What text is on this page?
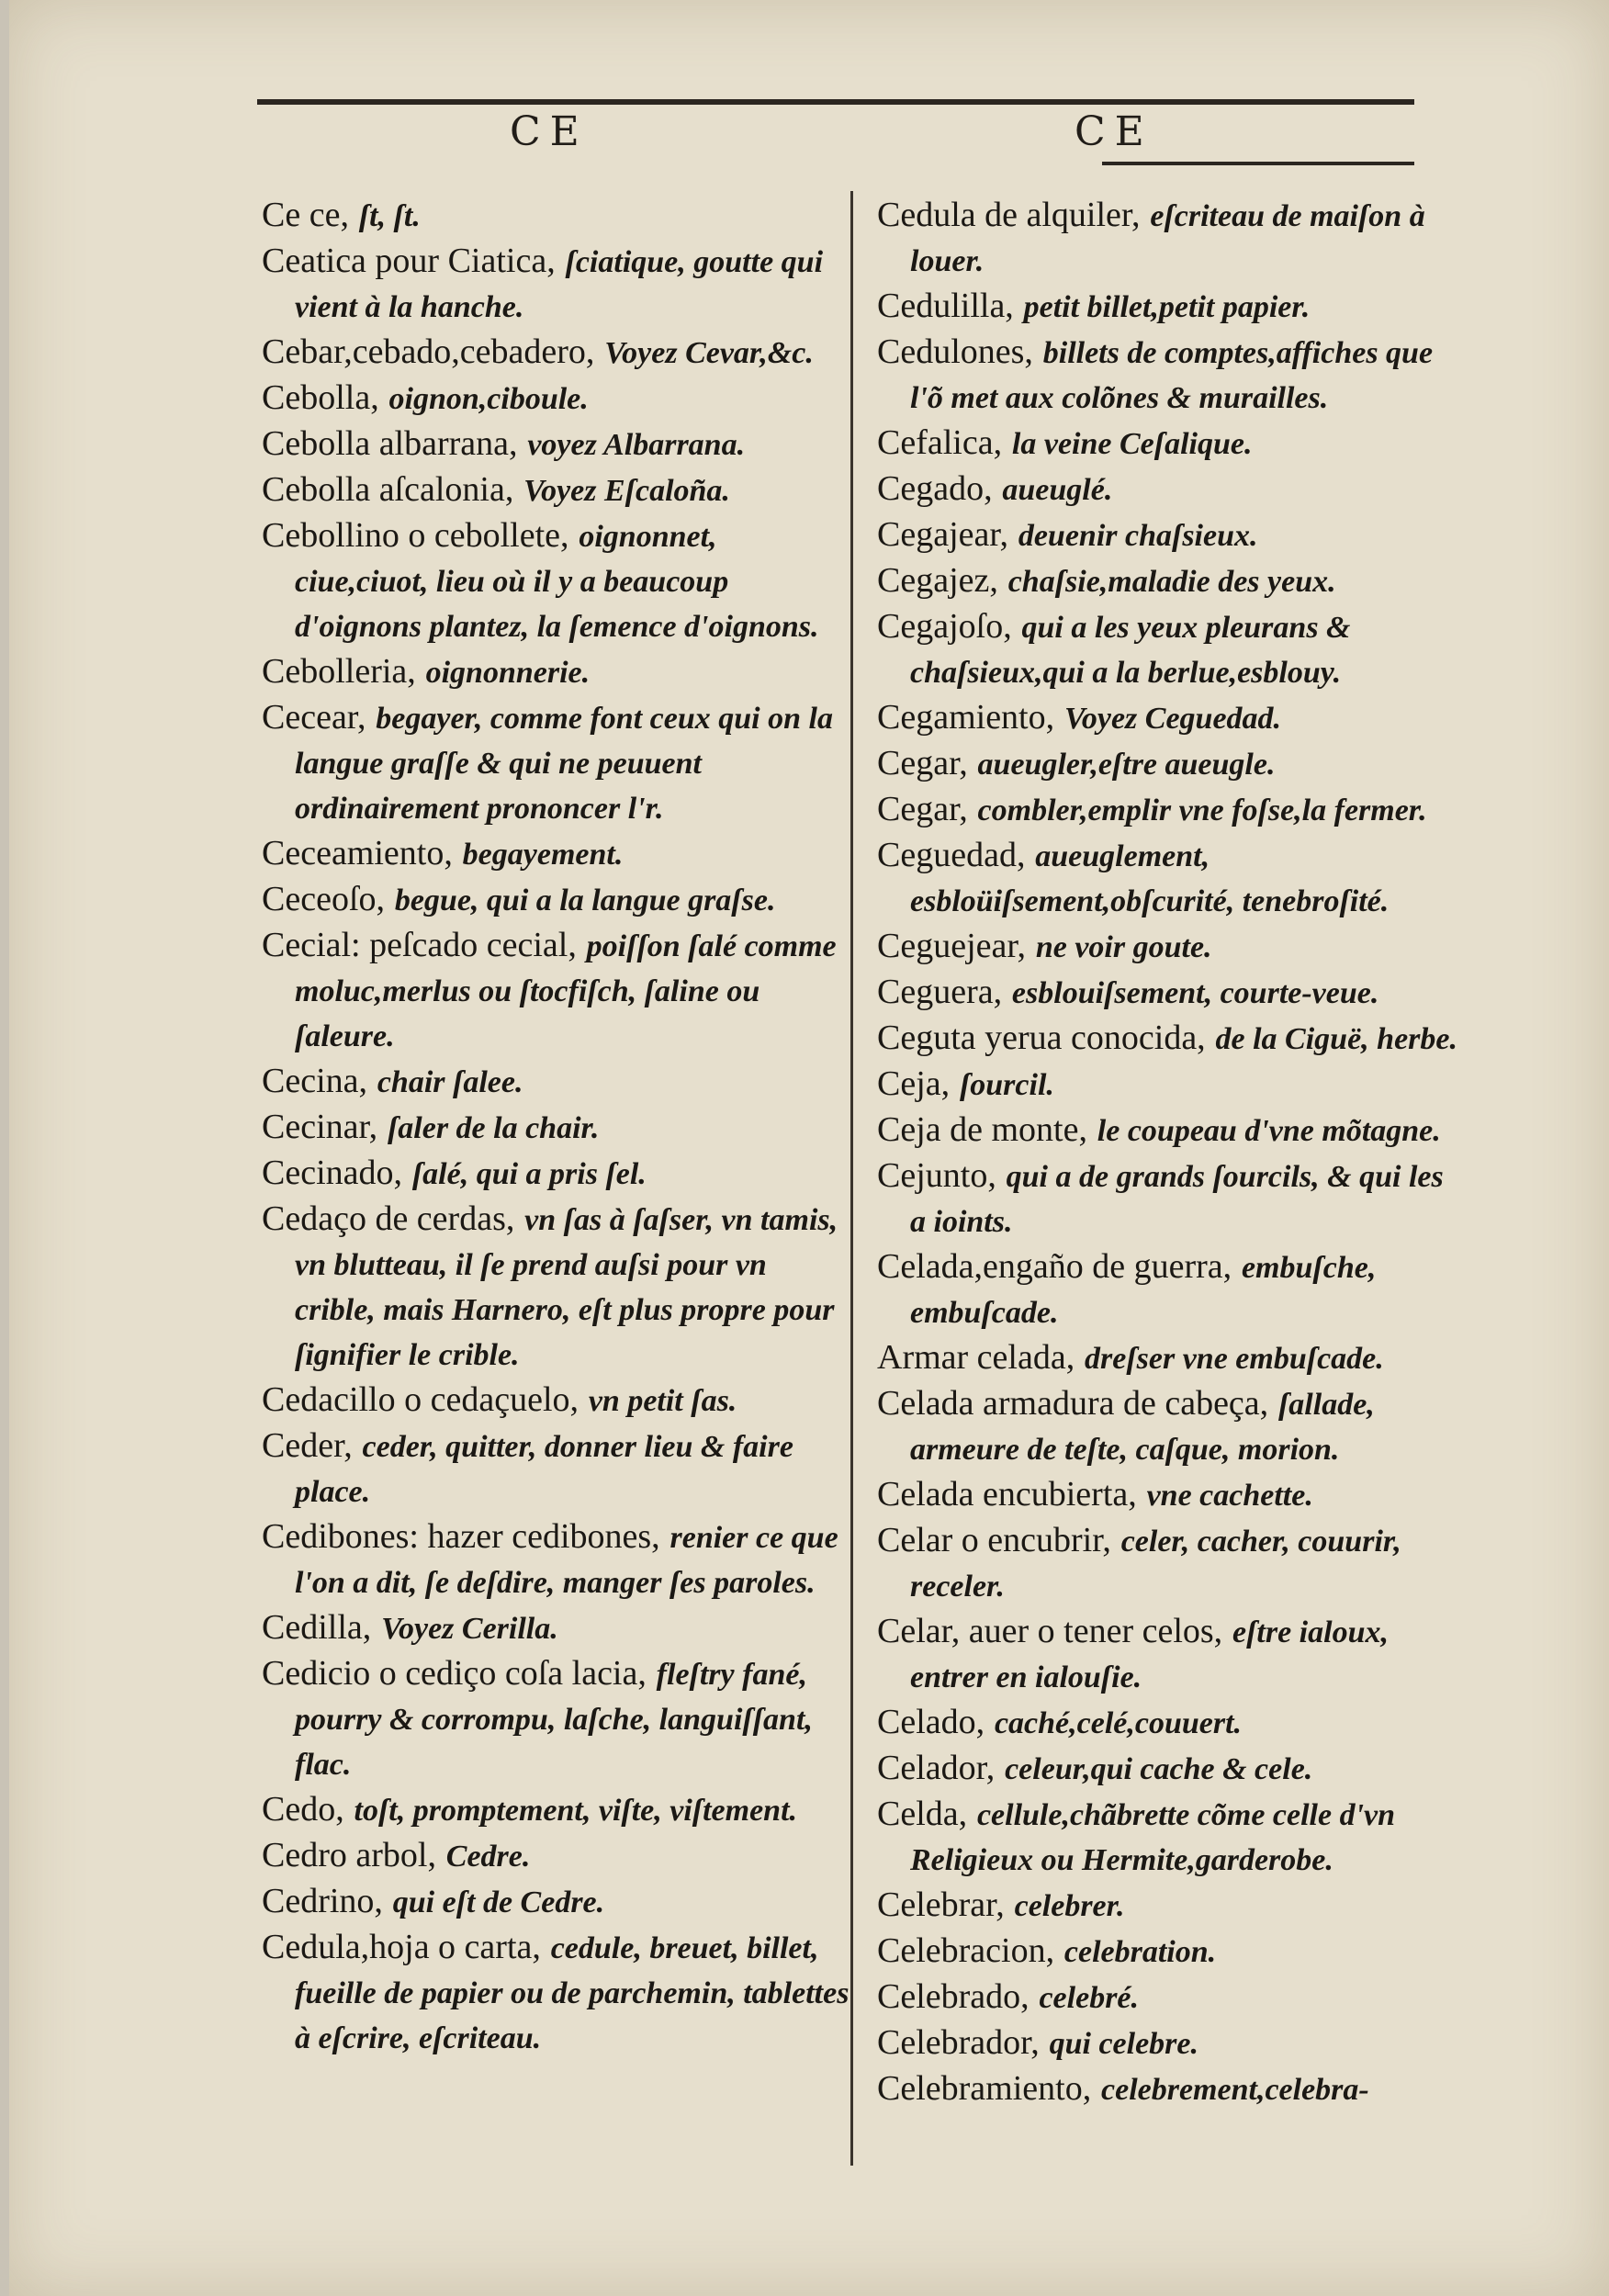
CE	CE
Ce ce, ſt, ſt.
Ceatica pour Ciatica, ſciatique, goutte qui vient à la hanche.
Cebar,cebado,cebadero, Voyez Cevar,&c.
Cebolla, oignon,ciboule.
Cebolla albarrana, voyez Albarrana.
Cebolla aſcalonia, Voyez Eſcaloña.
Cebollino o cebollete, oignonnet, ciue,ciuot, lieu où il y a beaucoup d'oignons plantez, la ſemence d'oignons.
Cebolleria, oignonnerie.
Cecear, begayer, comme font ceux qui on la langue graſſe & qui ne peuuent ordinairement prononcer l'r.
Ceceamiento, begayement.
Ceceoſo, begue, qui a la langue graſse.
Cecial: peſcado cecial, poiſſon ſalé comme moluc,merlus ou ſtocfiſch, ſaline ou ſaleure.
Cecina, chair ſalee.
Cecinar, ſaler de la chair.
Cecinado, ſalé, qui a pris ſel.
Cedaço de cerdas, vn ſas à ſaſser, vn tamis, vn blutteau, il ſe prend auſsi pour vn crible, mais Harnero, eſt plus propre pour ſignifier le crible.
Cedacillo o cedaçuelo, vn petit ſas.
Ceder, ceder, quitter, donner lieu & faire place.
Cedibones: hazer cedibones, renier ce que l'on a dit, ſe deſdire, manger ſes paroles.
Cedilla, Voyez Cerilla.
Cedicio o cediço coſa lacia, fleſtry fané, pourry & corrompu, laſche, languiſſant, flac.
Cedo, toſt, promptement, viſte, viſtement.
Cedro arbol, Cedre.
Cedrino, qui eſt de Cedre.
Cedula,hoja o carta, cedule, breuet, billet, fueille de papier ou de parchemin, tablettes à eſcrire, eſcriteau.
Cedula de alquiler, eſcriteau de maiſon à louer.
Cedulilla, petit billet,petit papier.
Cedulones, billets de comptes,affiches que l'õ met aux colõnes & murailles.
Cefalica, la veine Ceſalique.
Cegado, aueuglé.
Cegajear, deuenir chaſsieux.
Cegajez, chaſsie,maladie des yeux.
Cegajoſo, qui a les yeux pleurans & chaſsieux,qui a la berlue,esblouy.
Cegamiento, Voyez Ceguedad.
Cegar, aueugler,eſtre aueugle.
Cegar, combler,emplir vne foſse,la fermer.
Ceguedad, aueuglement, esbloüiſsement,obſcurité, tenebroſité.
Ceguejear, ne voir goute.
Ceguera, esblouiſsement, courte-veue.
Ceguta yerua conocida, de la Ciguë, herbe.
Ceja, ſourcil.
Ceja de monte, le coupeau d'vne mõtagne.
Cejunto, qui a de grands ſourcils, & qui les a ioints.
Celada,engaño de guerra, embuſche, embuſcade.
Armar celada, dreſser vne embuſcade.
Celada armadura de cabeça, ſallade, armeure de teſte, caſque, morion.
Celada encubierta, vne cachette.
Celar o encubrir, celer, cacher, couurir, receler.
Celar, auer o tener celos, eſtre ialoux, entrer en ialouſie.
Celado, caché,celé,couuert.
Celador, celeur,qui cache & cele.
Celda, cellule,chãbrette cõme celle d'vn Religieux ou Hermite,garderobe.
Celebrar, celebrer.
Celebracion, celebration.
Celebrado, celebré.
Celebrador, qui celebre.
Celebramiento, celebrement,celebra-
